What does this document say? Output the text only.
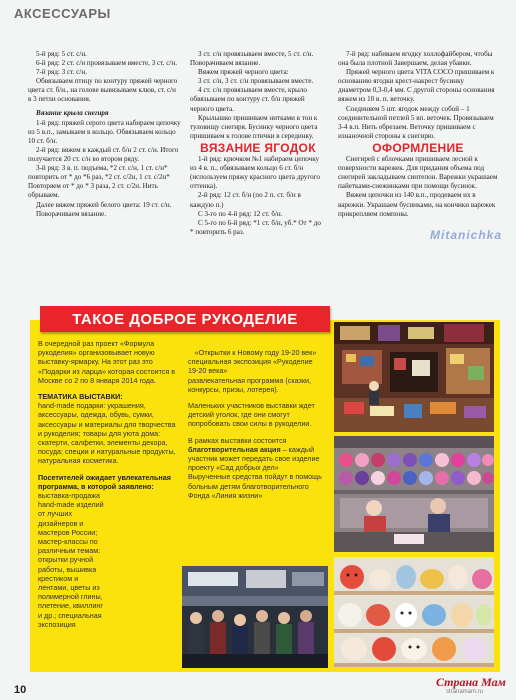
АКСЕССУАРЫ

5-й ряд: 5 ст. с/н.

6-й ряд: 2 ст. с/н провязываем вместе, 3 ст. с/н.

7-й ряд: 3 ст. с/н.

Обвязываем птицу по контуру пряжей черного цвета ст. б/н., на голове вывязываем клюв, ст. с/н в 3 петли основания.

Вязание крыла снегиря

1-й ряд: пряжей серого цвета набираем цепочку из 5 в.п., замыкаем в кольцо. Обвязываем кольцо 10 ст. б/н.

2-й ряд: вяжем в каждый ст. б/н 2 ст. с/н. Итого получается 20 ст. с/н во втором ряду.

3-й ряд: 3 в. п. подъема, *2 ст. с/н, 1 ст. с/н* повторить от * до *6 раз, *2 ст. с/2н, 1 ст. с/2н* Повторяем от * до * 3 раза, 2 ст. с/2н. Нить обрываем.

Далее вяжем пряжей белого цвета: 19 ст. с/н.

Поворачиваем вязание.

3 ст. с/н провязываем вместе, 5 ст. с/н. Поворачиваем вязание.

Вяжем пряжей черного цвета:

3 ст. с/н, 3 ст. с/н провязываем вместе.

4 ст. с/н провязываем вместе, крыло обвязываем по контуру ст. б/н пряжей черного цвета.

Крылышко пришиваем нитками в тон к туловищу снегиря. Бусинку черного цвета пришиваем к голове птички в серединку.

ВЯЗАНИЕ ЯГОДОК

1-й ряд: крючком №1 набираем цепочку из 4 в. п., обвязываем кольцо 6 ст. б/н (используем пряжу красного цвета другого оттенка).

2-й ряд: 12 ст. б/н (по 2 п. ст. б/н в каждую п.)

С 3-го по 4-й ряд: 12 ст. б/н.

С 5-го по 6-й ряд: *1 ст. б/н, уб.* От * до * повторить 6 раз.

7-й ряд: набиваем ягодку холлофайбером, чтобы она была плотной Завершаем, делая убавки.

Пряжей черного цвета VITA COCO пришиваем к основанию ягодки крест-накрест бусинку диаметром 0,3-0,4 мм. С другой стороны основания вяжем из 10 в. п. веточку.

Соединяем 5 шт. ягодок между собой – 1 соединительной петлей 5 вп. веточек. Провязываем 3-4 в.п. Нить обрезаем. Веточку пришиваем с изнаночной стороны к снегирю.

ОФОРМЛЕНИЕ

Снегирей с яблочками пришиваем лесной к поверхности варежек. Для придания объема под снегирей закладываем синтепон. Варежки украшаем пайетками-снежинками при помощи бусинок.

Вяжем цепочки из 140 в.п., продеваем их в варежки. Украшаем бусинками, на кончики варежек прикрепляем помпоны.

Mitanichka
ТАКОЕ ДОБРОЕ РУКОДЕЛИЕ

В очередной раз проект «Формула рукоделия» организовывает новую выставку-ярмарку. На этот раз это «Подарки из ларца» которая состоится в Москве со 2 по 8 января 2014 года.

ТЕМАТИКА ВЫСТАВКИ:

hand-made подарки: украшения, аксессуары, одежда, обувь, сумки, аксессуары и материалы для творчества и рукоделия; товары для уюта дома: скатерти, салфетки, элементы декора, посуда; специи и натуральные продукты, натуральная косметика.

Посетителей ожидает увлекательная программа, в которой заявлено:

выставка-продажа hand-made изделий от лучших дизайнеров и мастеров России; мастер-классы по различным темам: открытки ручной работы, вышивка крестиком и лентами, цветы из полимерной глины, плетение, квиллинг и др.; специальная экспозиция

«Открытки к Новому году 19-20 век»

специальная экспозиция «Рукоделие 19-20 века»

развлекательная программа (сказки, конкурсы, призы, лотерея).

Маленьких участников выставки ждет детский уголок, где они смогут попробовать свои силы в рукоделии.

В рамках выставки состоится благотворительная акция – каждый участник может передать свое изделие проекту «Сад добрых дел» Вырученные средства пойдут в помощь больным детям благотворительного Фонда «Линия жизни»

10
Страна Мам
stranamam.ru
